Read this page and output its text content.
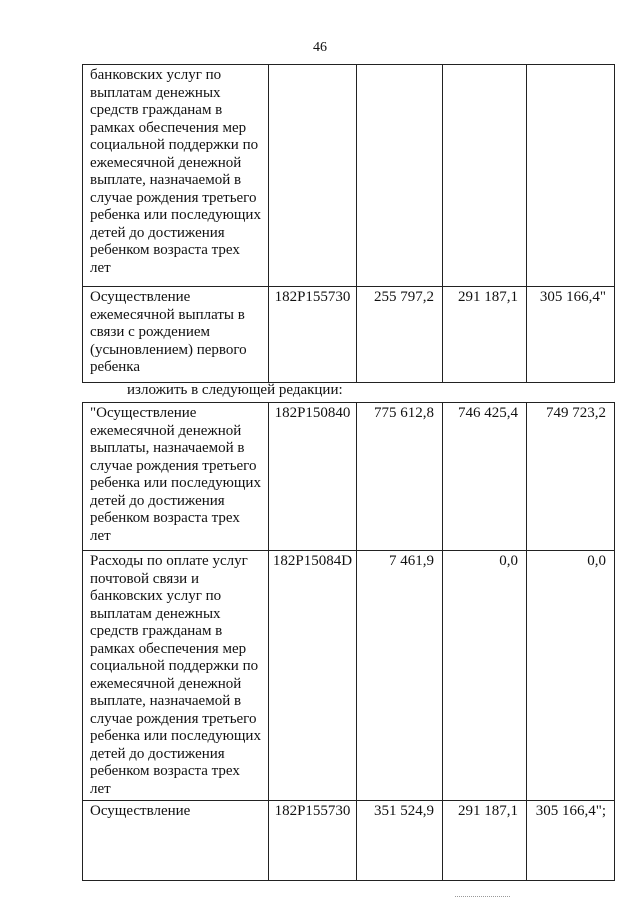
46
банковских услуг по выплатам денежных средств гражданам в рамках обеспечения мер социальной поддержки по ежемесячной денежной выплате, назначаемой в случае рождения третьего ребенка или последующих детей до достижения ребенком возраста трех лет				
Осуществление ежемесячной выплаты в связи с рождением (усыновлением) первого ребенка	182P155730	255 797,2	291 187,1	305 166,4"
изложить в следующей редакции:
"Осуществление ежемесячной денежной выплаты, назначаемой в случае рождения третьего ребенка или последующих детей до достижения ребенком возраста трех лет	182P150840	775 612,8	746 425,4	749 723,2
Расходы по оплате услуг почтовой связи и банковских услуг по выплатам денежных средств гражданам в рамках обеспечения мер социальной поддержки по ежемесячной денежной выплате, назначаемой в случае рождения третьего ребенка или последующих детей до достижения ребенком возраста трех лет	182P15084D	7 461,9	0,0	0,0
Осуществление	182P155730	351 524,9	291 187,1	305 166,4";
